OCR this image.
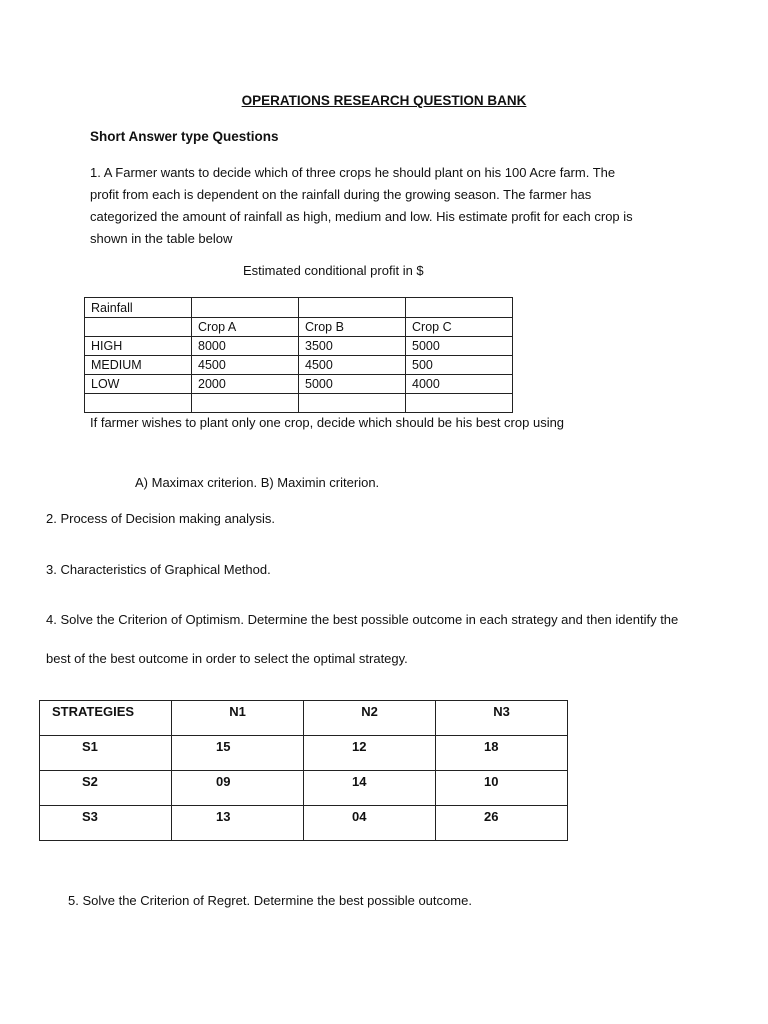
OPERATIONS RESEARCH QUESTION BANK
Short Answer type Questions
1. A Farmer wants to decide which of three crops he should plant on his 100 Acre farm. The
profit from each is dependent on the rainfall during the growing season. The farmer has
categorized the amount of rainfall as high, medium and low. His estimate profit for each crop is
shown in the table below
Estimated conditional profit in $
Rainfall			
	Crop A	Crop B	Crop C
HIGH	8000	3500	5000
MEDIUM	4500	4500	500
LOW	2000	5000	4000

If farmer wishes to plant only one crop, decide which should be his best crop using
A) Maximax criterion. B) Maximin criterion.
2. Process of Decision making analysis.
3. Characteristics of Graphical Method.
4. Solve the Criterion of Optimism. Determine the best possible outcome in each strategy and then identify the
best of the best outcome in order to select the optimal strategy.
STRATEGIES	N1	N2	N3
S1	15	12	18
S2	09	14	10
S3	13	04	26
5. Solve the Criterion of Regret. Determine the best possible outcome.
